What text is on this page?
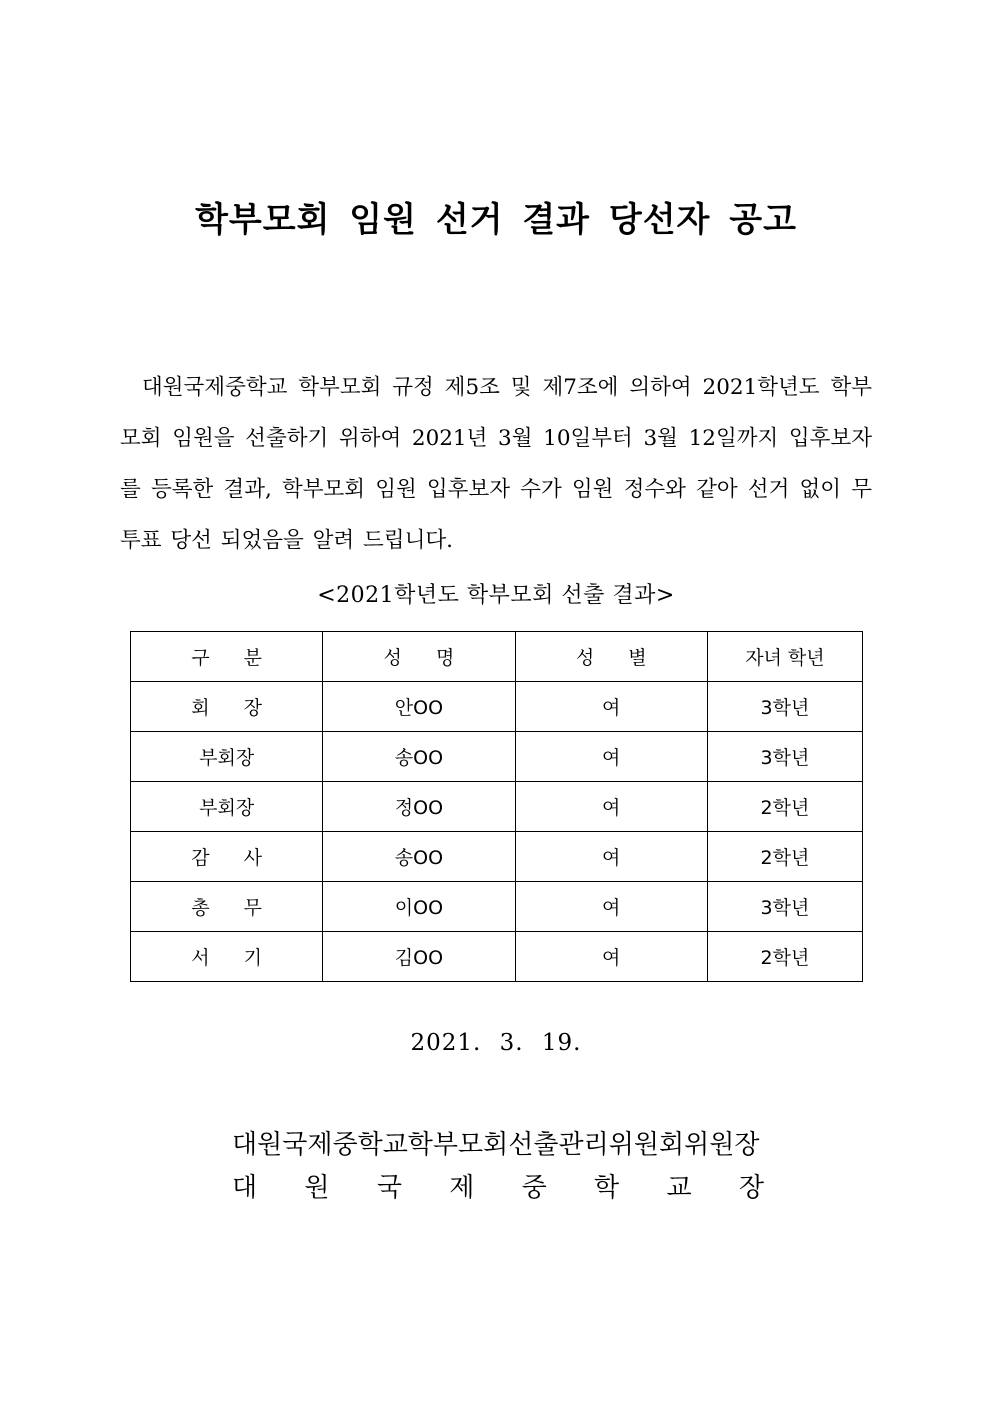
학부모회 임원 선거 결과 당선자 공고
대원국제중학교 학부모회 규정 제5조 및 제7조에 의하여 2021학년도 학부모회 임원을 선출하기 위하여 2021년 3월 10일부터 3월 12일까지 입후보자를 등록한 결과, 학부모회 임원 입후보자 수가 임원 정수와 같아 선거 없이 무투표 당선 되었음을 알려 드립니다.
<2021학년도 학부모회 선출 결과>
구 분	성 명	성 별	자녀 학년
회 장	안OO	여	3학년
부회장	송OO	여	3학년
부회장	정OO	여	2학년
감 사	송OO	여	2학년
총 무	이OO	여	3학년
서 기	김OO	여	2학년
2021. 3. 19.
대원국제중학교학부모회선출관리위원회위원장
대 원 국 제 중 학 교 장
